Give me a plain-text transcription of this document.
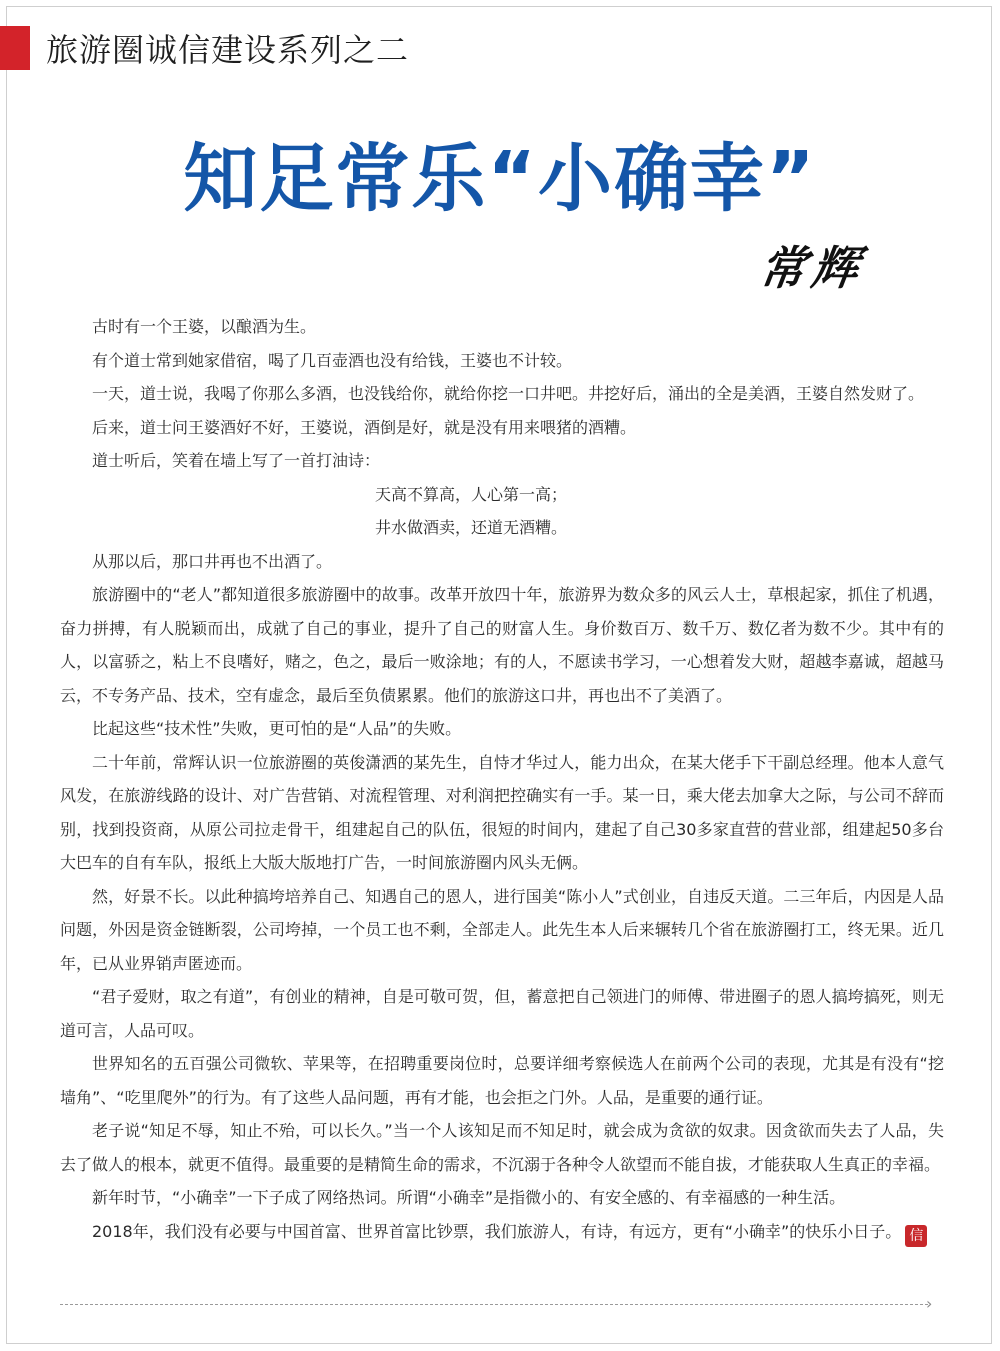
旅游圈诚信建设系列之二
知足常乐“小确幸”
常辉

古时有一个王婆，以酿酒为生。

有个道士常到她家借宿，喝了几百壶酒也没有给钱，王婆也不计较。

一天，道士说，我喝了你那么多酒，也没钱给你，就给你挖一口井吧。井挖好后，涌出的全是美酒，王婆自然发财了。

后来，道士问王婆酒好不好，王婆说，酒倒是好，就是没有用来喂猪的酒糟。

道士听后，笑着在墙上写了一首打油诗：

天高不算高，人心第一高；

井水做酒卖，还道无酒糟。

从那以后，那口井再也不出酒了。

旅游圈中的“老人”都知道很多旅游圈中的故事。改革开放四十年，旅游界为数众多的风云人士，草根起家，抓住了机遇，奋力拼搏，有人脱颖而出，成就了自己的事业，提升了自己的财富人生。身价数百万、数千万、数亿者为数不少。其中有的人，以富骄之，粘上不良嗜好，赌之，色之，最后一败涂地；有的人，不愿读书学习，一心想着发大财，超越李嘉诚，超越马云，不专务产品、技术，空有虚念，最后至负债累累。他们的旅游这口井，再也出不了美酒了。

比起这些“技术性”失败，更可怕的是“人品”的失败。

二十年前，常辉认识一位旅游圈的英俊潇洒的某先生，自恃才华过人，能力出众，在某大佬手下干副总经理。他本人意气风发，在旅游线路的设计、对广告营销、对流程管理、对利润把控确实有一手。某一日，乘大佬去加拿大之际，与公司不辞而别，找到投资商，从原公司拉走骨干，组建起自己的队伍，很短的时间内，建起了自己30多家直营的营业部，组建起50多台大巴车的自有车队，报纸上大版大版地打广告，一时间旅游圈内风头无俩。

然，好景不长。以此种搞垮培养自己、知遇自己的恩人，进行国美“陈小人”式创业，自违反天道。二三年后，内因是人品问题，外因是资金链断裂，公司垮掉，一个员工也不剩，全部走人。此先生本人后来辗转几个省在旅游圈打工，终无果。近几年，已从业界销声匿迹而。

“君子爱财，取之有道”，有创业的精神，自是可敬可贺，但，蓄意把自己领进门的师傅、带进圈子的恩人搞垮搞死，则无道可言，人品可叹。

世界知名的五百强公司微软、苹果等，在招聘重要岗位时，总要详细考察候选人在前两个公司的表现，尤其是有没有“挖墙角”、“吃里爬外”的行为。有了这些人品问题，再有才能，也会拒之门外。人品，是重要的通行证。

老子说“知足不辱，知止不殆，可以长久。”当一个人该知足而不知足时，就会成为贪欲的奴隶。因贪欲而失去了人品，失去了做人的根本，就更不值得。最重要的是精简生命的需求，不沉溺于各种令人欲望而不能自拔，才能获取人生真正的幸福。

新年时节，“小确幸”一下子成了网络热词。所谓“小确幸”是指微小的、有安全感的、有幸福感的一种生活。

2018年，我们没有必要与中国首富、世界首富比钞票，我们旅游人，有诗，有远方，更有“小确幸”的快乐小日子。 信

›
